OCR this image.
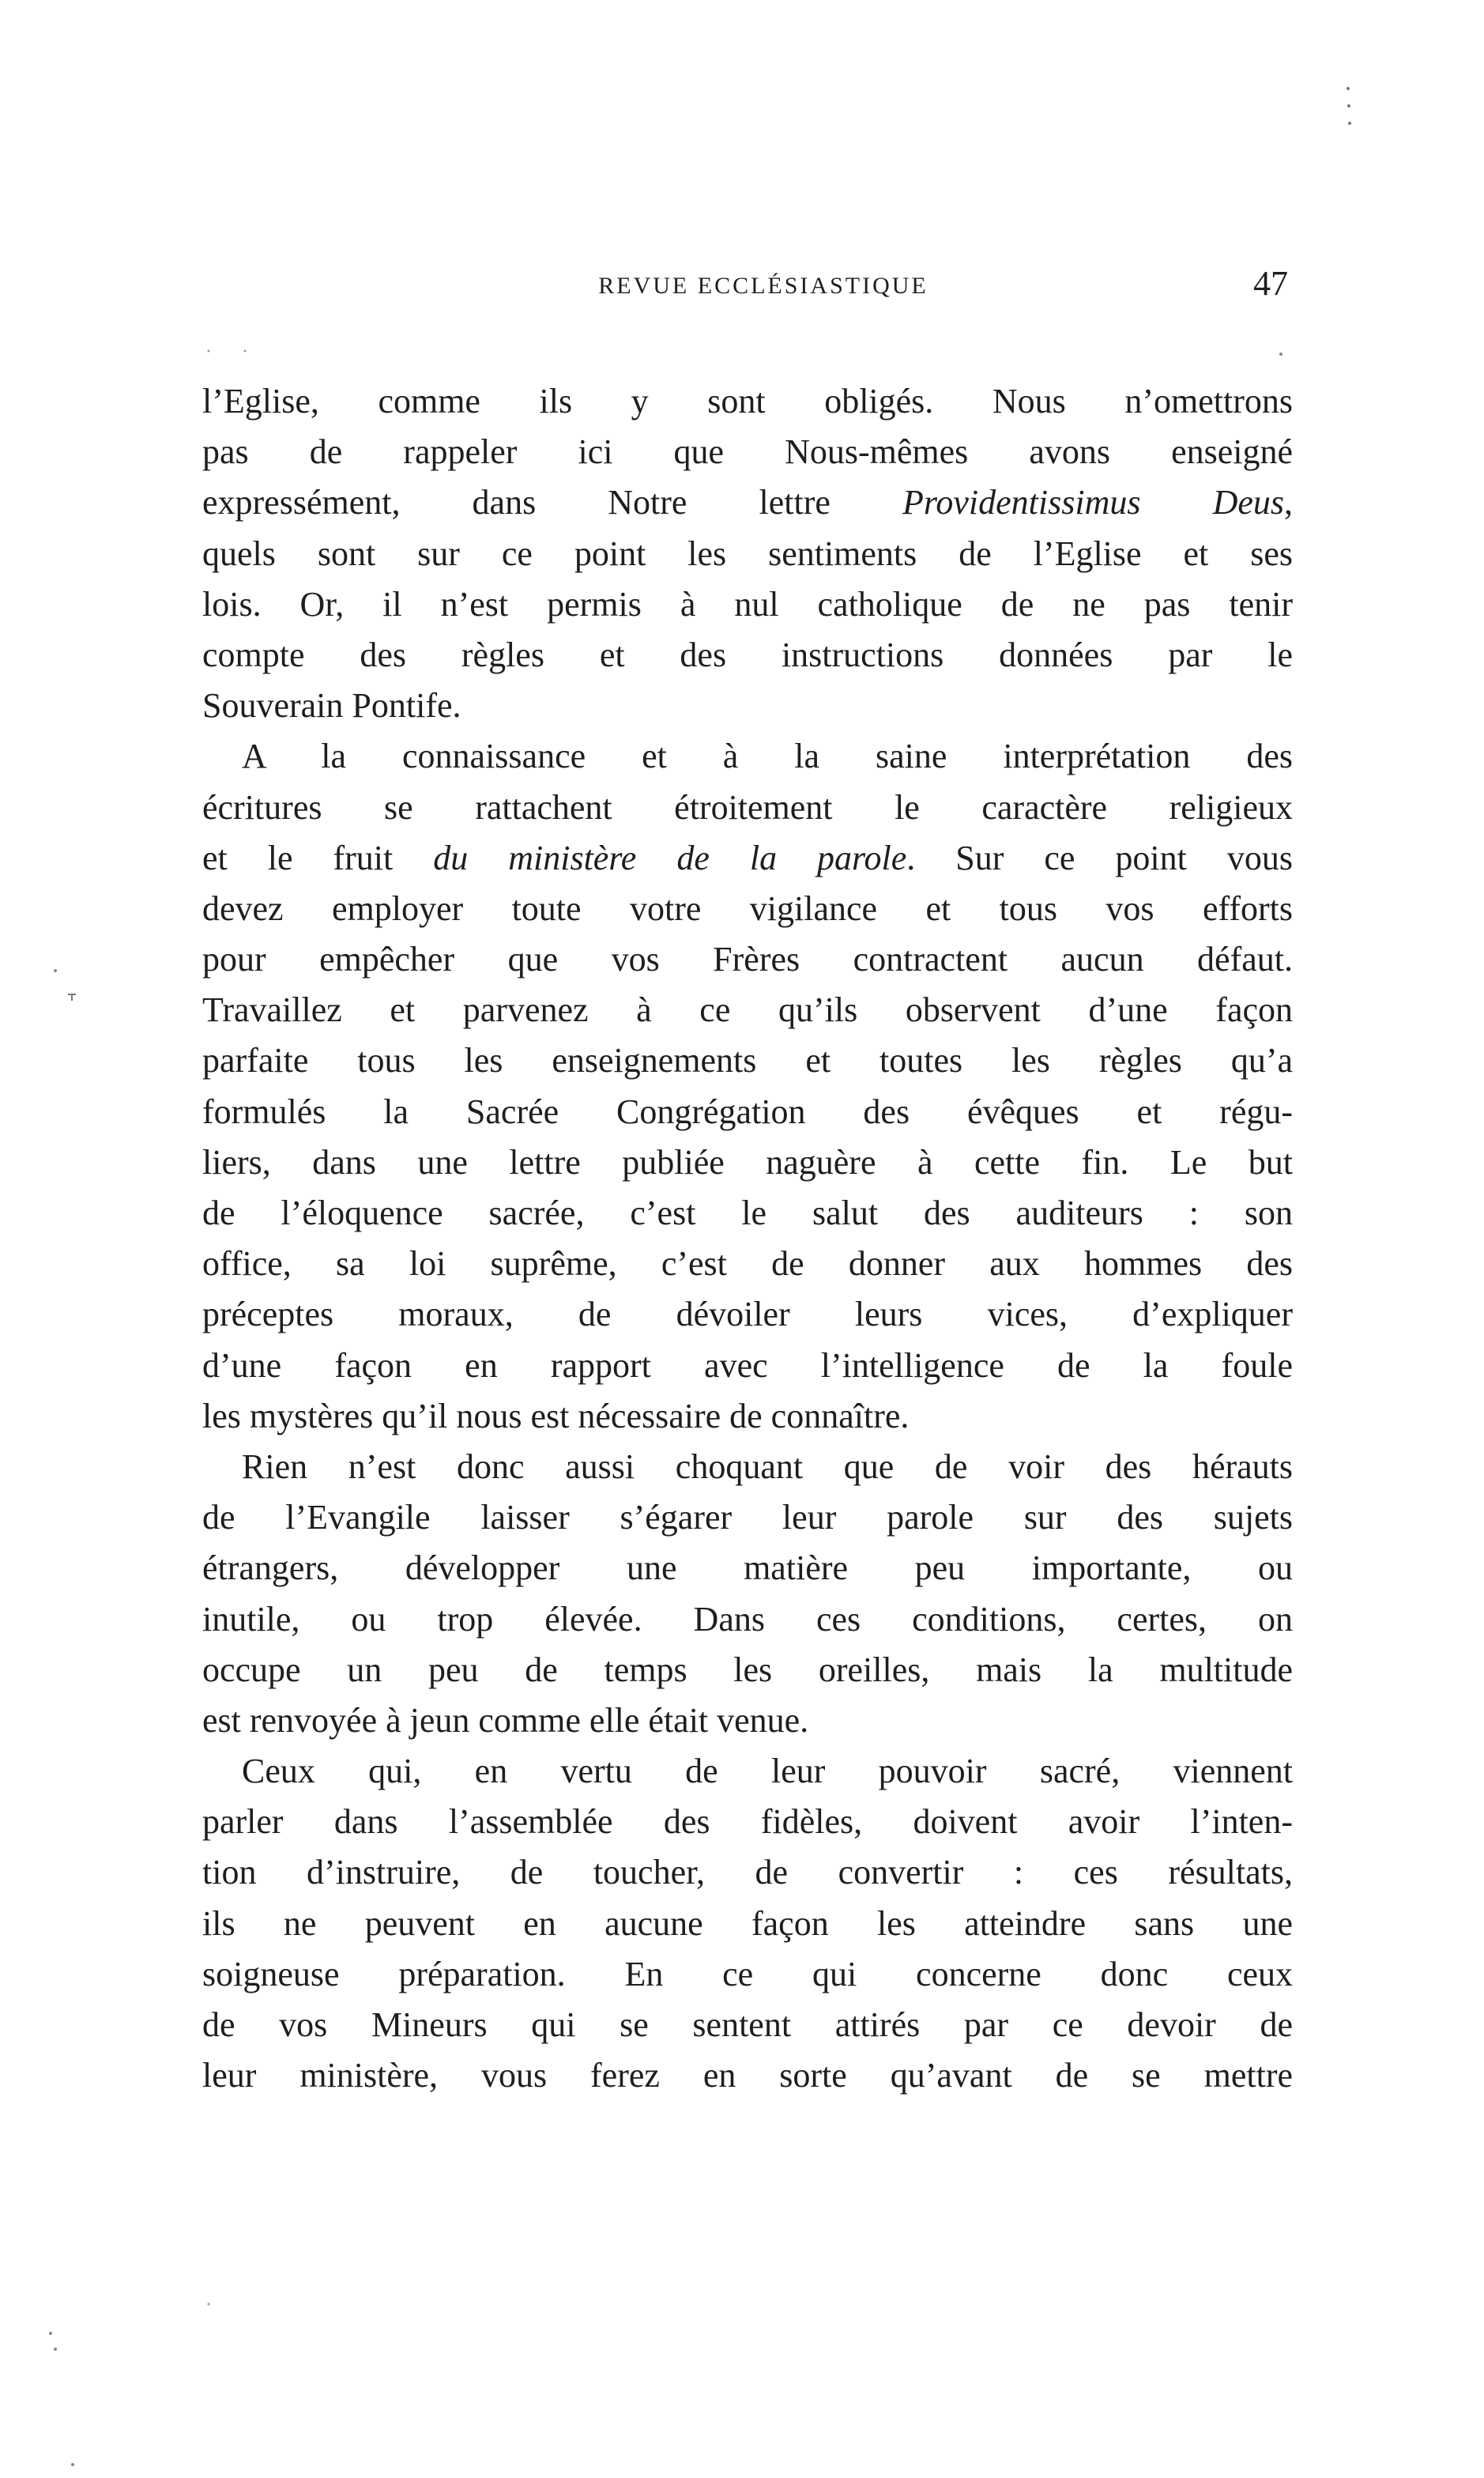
REVUE ECCLÉSIASTIQUE	47
l’Eglise, comme ils y sont obligés. Nous n’omettrons
pas de rappeler ici que Nous-mêmes avons enseigné
expressément, dans Notre lettre Providentissimus Deus,
quels sont sur ce point les sentiments de l’Eglise et ses
lois. Or, il n’est permis à nul catholique de ne pas tenir
compte des règles et des instructions données par le
Souverain Pontife.
A la connaissance et à la saine interprétation des
écritures se rattachent étroitement le caractère religieux
et le fruit du ministère de la parole. Sur ce point vous
devez employer toute votre vigilance et tous vos efforts
pour empêcher que vos Frères contractent aucun défaut.
Travaillez et parvenez à ce qu’ils observent d’une façon
parfaite tous les enseignements et toutes les règles qu’a
formulés la Sacrée Congrégation des évêques et régu-
liers, dans une lettre publiée naguère à cette fin. Le but
de l’éloquence sacrée, c’est le salut des auditeurs : son
office, sa loi suprême, c’est de donner aux hommes des
préceptes moraux, de dévoiler leurs vices, d’expliquer
d’une façon en rapport avec l’intelligence de la foule
les mystères qu’il nous est nécessaire de connaître.
Rien n’est donc aussi choquant que de voir des hérauts
de l’Evangile laisser s’égarer leur parole sur des sujets
étrangers, développer une matière peu importante, ou
inutile, ou trop élevée. Dans ces conditions, certes, on
occupe un peu de temps les oreilles, mais la multitude
est renvoyée à jeun comme elle était venue.
Ceux qui, en vertu de leur pouvoir sacré, viennent
parler dans l’assemblée des fidèles, doivent avoir l’inten-
tion d’instruire, de toucher, de convertir : ces résultats,
ils ne peuvent en aucune façon les atteindre sans une
soigneuse préparation. En ce qui concerne donc ceux
de vos Mineurs qui se sentent attirés par ce devoir de
leur ministère, vous ferez en sorte qu’avant de se mettre
